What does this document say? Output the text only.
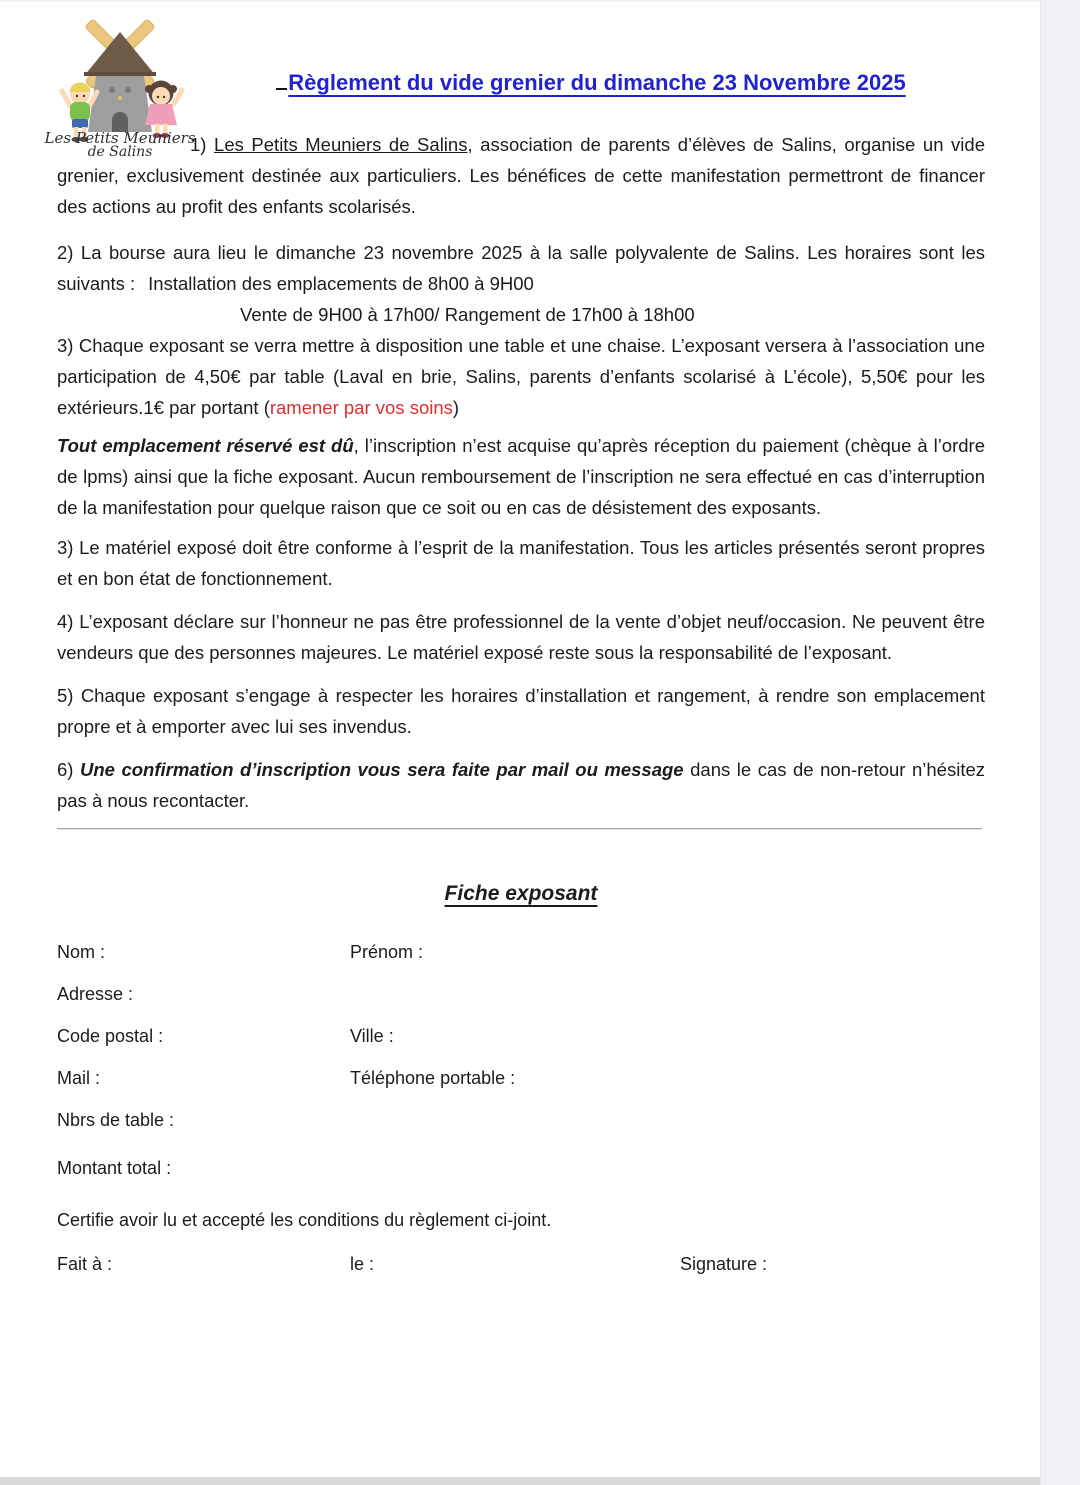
Les Petits Meuniers
de Salins
Règlement du vide grenier du dimanche 23 Novembre 2025

1) Les Petits Meuniers de Salins, association de parents d’élèves de Salins, organise un vide grenier, exclusivement destinée aux particuliers. Les bénéfices de cette manifestation permettront de financer des actions au profit des enfants scolarisés.

2) La bourse aura lieu le dimanche 23 novembre 2025 à la salle polyvalente de Salins. Les horaires sont les suivants : Installation des emplacements de 8h00 à 9H00
Vente de 9H00 à 17h00/ Rangement de 17h00 à 18h00

3) Chaque exposant se verra mettre à disposition une table et une chaise. L’exposant versera à l’association une participation de 4,50€ par table (Laval en brie, Salins, parents d’enfants scolarisé à L’école), 5,50€ pour les extérieurs.1€ par portant (ramener par vos soins)

Tout emplacement réservé est dû, l’inscription n’est acquise qu’après réception du paiement (chèque à l’ordre de lpms) ainsi que la fiche exposant. Aucun remboursement de l’inscription ne sera effectué en cas d’interruption de la manifestation pour quelque raison que ce soit ou en cas de désistement des exposants.

3) Le matériel exposé doit être conforme à l’esprit de la manifestation. Tous les articles présentés seront propres et en bon état de fonctionnement.

4) L’exposant déclare sur l’honneur ne pas être professionnel de la vente d’objet neuf/occasion. Ne peuvent être vendeurs que des personnes majeures. Le matériel exposé reste sous la responsabilité de l’exposant.

5) Chaque exposant s’engage à respecter les horaires d’installation et rangement, à rendre son emplacement propre et à emporter avec lui ses invendus.

6) Une confirmation d’inscription vous sera faite par mail ou message dans le cas de non-retour n’hésitez pas à nous recontacter.

Fiche exposant
Nom :	Prénom :
Adresse :
Code postal :	Ville :
Mail :	Téléphone portable :
Nbrs de table :
Montant total :
Certifie avoir lu et accepté les conditions du règlement ci-joint.
Fait à :	le :	Signature :
